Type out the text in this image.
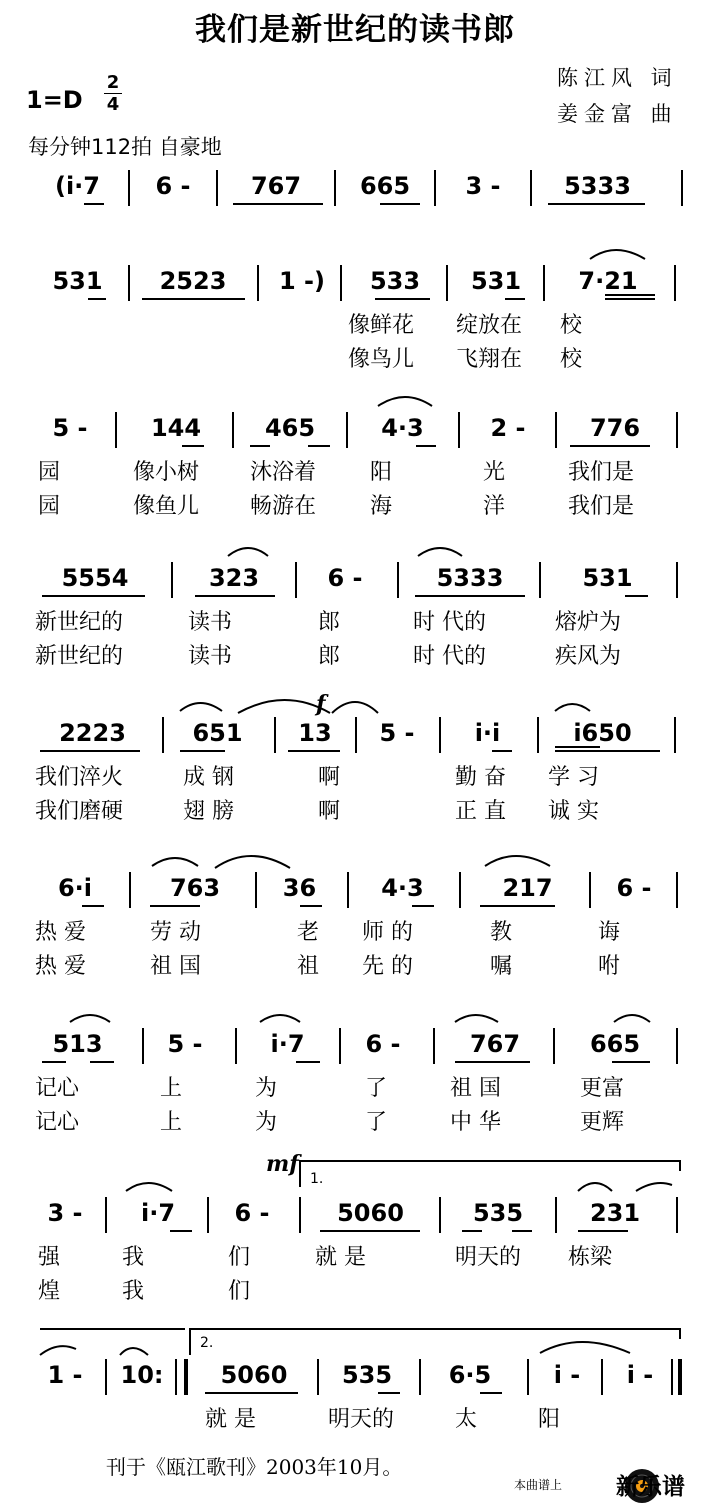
我们是新世纪的读书郎
陈江风 词
姜金富 曲
1=D
2
4
每分钟112拍 自豪地
(i·7	6 -	767	665	3 -	5333
531	2523	1 -)	533	531	7·21
像鲜花 绽放在 校
像鸟儿 飞翔在 校
5 -	144	465	4·3	2 -	776
园	像小树 沐浴着 阳	光	我们是
园	像鱼儿 畅游在 海	洋	我们是
5554	323	6 -	5333	531
新世纪的	读书	郎	时 代的	熔炉为
新世纪的	读书	郎	时 代的	疾风为
2223	651	13	5 -	i·i	i650
f
我们淬火	成 钢	啊	勤 奋 学 习
我们磨硬	翅 膀	啊	正 直 诚 实
6·i	763	36	4·3	217	6 -
热 爱	劳 动	老 师 的	教	诲
热 爱	祖 国	祖 先 的	嘱	咐
513	5 -	i·7	6 -	767	665
记心	上	为	了	祖 国	更富
记心	上	为	了	中 华	更辉
mf
1.
3 -	i·7	6 -	5060	535	231
强	我	们	就 是	明天的 栋梁
煌	我	们
2.
1 -	10:	5060	535	6·5	i -	i -
就 是	明天的	太	阳
刊于《瓯江歌刊》2003年10月。
本曲谱上 新乐谱
